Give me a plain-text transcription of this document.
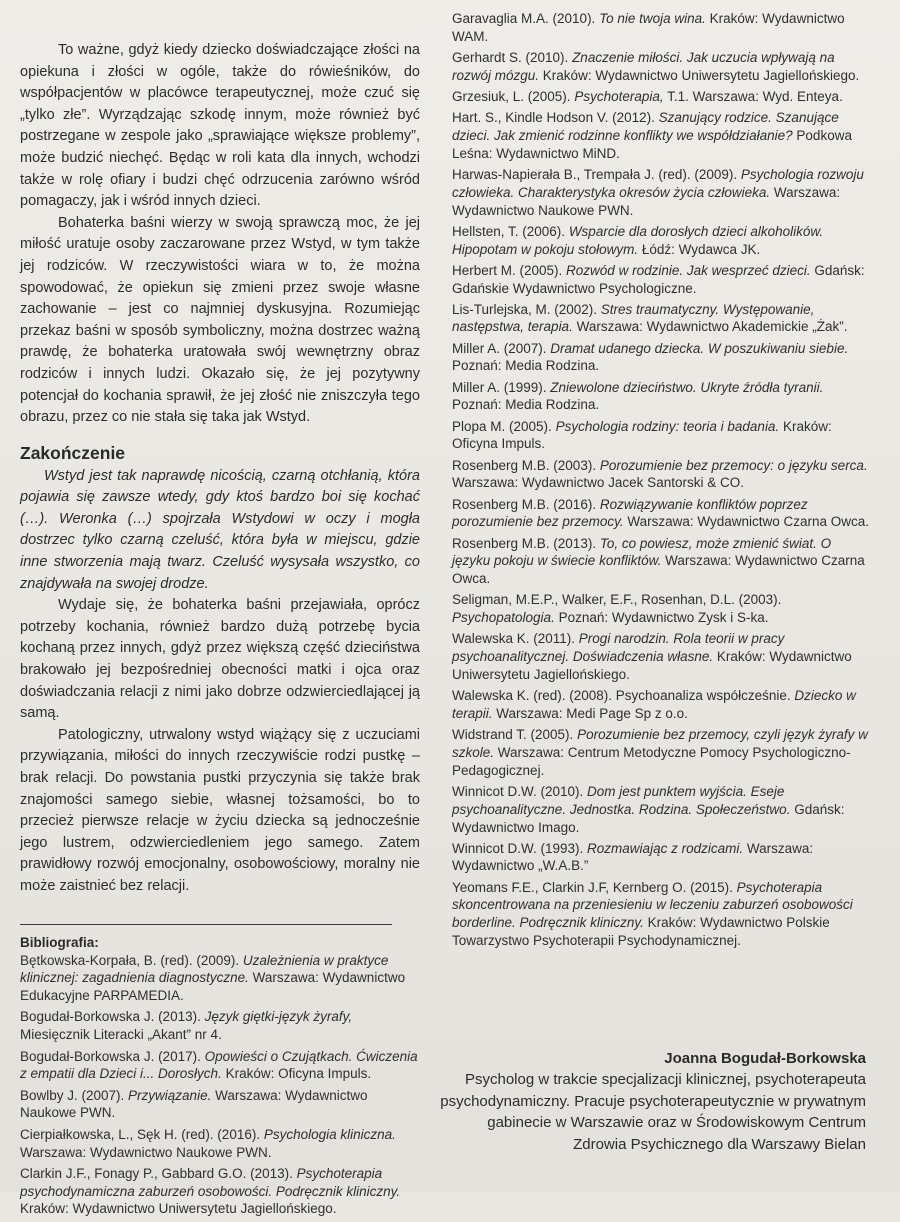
To ważne, gdyż kiedy dziecko doświadczające złości na opiekuna i złości w ogóle, także do rówieśników, do współpacjentów w placówce terapeutycznej, może czuć się „tylko złe”. Wyrządzając szkodę innym, może również być postrzegane w zespole jako „sprawiające większe problemy”, może budzić niechęć. Będąc w roli kata dla innych, wchodzi także w rolę ofiary i budzi chęć odrzucenia zarówno wśród pomagaczy, jak i wśród innych dzieci.

Bohaterka baśni wierzy w swoją sprawczą moc, że jej miłość uratuje osoby zaczarowane przez Wstyd, w tym także jej rodziców. W rzeczywistości wiara w to, że można spowodować, że opiekun się zmieni przez swoje własne zachowanie – jest co najmniej dyskusyjna. Rozumiejąc przekaz baśni w sposób symboliczny, można dostrzec ważną prawdę, że bohaterka uratowała swój wewnętrzny obraz rodziców i innych ludzi. Okazało się, że jej pozytywny potencjał do kochania sprawił, że jej złość nie zniszczyła tego obrazu, przez co nie stała się taka jak Wstyd.

Zakończenie

Wstyd jest tak naprawdę nicością, czarną otchłanią, która pojawia się zawsze wtedy, gdy ktoś bardzo boi się kochać (…). Weronka (…) spojrzała Wstydowi w oczy i mogła dostrzec tylko czarną czeluść, która była w miejscu, gdzie inne stworzenia mają twarz. Czeluść wysysała wszystko, co znajdywała na swojej drodze.

Wydaje się, że bohaterka baśni przejawiała, oprócz potrzeby kochania, również bardzo dużą potrzebę bycia kochaną przez innych, gdyż przez większą część dzieciństwa brakowało jej bezpośredniej obecności matki i ojca oraz doświadczania relacji z nimi jako dobrze odzwierciedlającej ją samą.

Patologiczny, utrwalony wstyd wiążący się z uczuciami przywiązania, miłości do innych rzeczywiście rodzi pustkę – brak relacji. Do powstania pustki przyczynia się także brak znajomości samego siebie, własnej tożsamości, bo to przecież pierwsze relacje w życiu dziecka są jednocześnie jego lustrem, odzwierciedleniem jego samego. Zatem prawidłowy rozwój emocjonalny, osobowościowy, moralny nie może zaistnieć bez relacji.

Bibliografia:
Bętkowska-Korpała, B. (red). (2009). Uzależnienia w praktyce klinicznej: zagadnienia diagnostyczne. Warszawa: Wydawnictwo Edukacyjne PARPAMEDIA.
Bogudał-Borkowska J. (2013). Język giętki-język żyrafy, Miesięcznik Literacki „Akant” nr 4.
Bogudał-Borkowska J. (2017). Opowieści o Czujątkach. Ćwiczenia z empatii dla Dzieci i... Dorosłych. Kraków: Oficyna Impuls.
Bowlby J. (2007). Przywiązanie. Warszawa: Wydawnictwo Naukowe PWN.
Cierpiałkowska, L., Sęk H. (red). (2016). Psychologia kliniczna. Warszawa: Wydawnictwo Naukowe PWN.
Clarkin J.F., Fonagy P., Gabbard G.O. (2013). Psychoterapia psychodynamiczna zaburzeń osobowości. Podręcznik kliniczny. Kraków: Wydawnictwo Uniwersytetu Jagiellońskiego.
Garavaglia M.A. (2010). To nie twoja wina. Kraków: Wydawnictwo WAM.
Gerhardt S. (2010). Znaczenie miłości. Jak uczucia wpływają na rozwój mózgu. Kraków: Wydawnictwo Uniwersytetu Jagiellońskiego.
Grzesiuk, L. (2005). Psychoterapia, T.1. Warszawa: Wyd. Enteya.
Hart. S., Kindle Hodson V. (2012). Szanujący rodzice. Szanujące dzieci. Jak zmienić rodzinne konflikty we współdziałanie? Podkowa Leśna: Wydawnictwo MiND.
Harwas-Napierała B., Trempała J. (red). (2009). Psychologia rozwoju człowieka. Charakterystyka okresów życia człowieka. Warszawa: Wydawnictwo Naukowe PWN.
Hellsten, T. (2006). Wsparcie dla dorosłych dzieci alkoholików. Hipopotam w pokoju stołowym. Łódź: Wydawca JK.
Herbert M. (2005). Rozwód w rodzinie. Jak wesprzeć dzieci. Gdańsk: Gdańskie Wydawnictwo Psychologiczne.
Lis-Turlejska, M. (2002). Stres traumatyczny. Występowanie, następstwa, terapia. Warszawa: Wydawnictwo Akademickie „Żak”.
Miller A. (2007). Dramat udanego dziecka. W poszukiwaniu siebie. Poznań: Media Rodzina.
Miller A. (1999). Zniewolone dzieciństwo. Ukryte źródła tyranii. Poznań: Media Rodzina.
Plopa M. (2005). Psychologia rodziny: teoria i badania. Kraków: Oficyna Impuls.
Rosenberg M.B. (2003). Porozumienie bez przemocy: o języku serca. Warszawa: Wydawnictwo Jacek Santorski & CO.
Rosenberg M.B. (2016). Rozwiązywanie konfliktów poprzez porozumienie bez przemocy. Warszawa: Wydawnictwo Czarna Owca.
Rosenberg M.B. (2013). To, co powiesz, może zmienić świat. O języku pokoju w świecie konfliktów. Warszawa: Wydawnictwo Czarna Owca.
Seligman, M.E.P., Walker, E.F., Rosenhan, D.L. (2003). Psychopatologia. Poznań: Wydawnictwo Zysk i S-ka.
Walewska K. (2011). Progi narodzin. Rola teorii w pracy psychoanalitycznej. Doświadczenia własne. Kraków: Wydawnictwo Uniwersytetu Jagiellońskiego.
Walewska K. (red). (2008). Psychoanaliza współcześnie. Dziecko w terapii. Warszawa: Medi Page Sp z o.o.
Widstrand T. (2005). Porozumienie bez przemocy, czyli język żyrafy w szkole. Warszawa: Centrum Metodyczne Pomocy Psychologiczno-Pedagogicznej.
Winnicot D.W. (2010). Dom jest punktem wyjścia. Eseje psychoanalityczne. Jednostka. Rodzina. Społeczeństwo. Gdańsk: Wydawnictwo Imago.
Winnicot D.W. (1993). Rozmawiając z rodzicami. Warszawa: Wydawnictwo „W.A.B.”
Yeomans F.E., Clarkin J.F, Kernberg O. (2015). Psychoterapia skoncentrowana na przeniesieniu w leczeniu zaburzeń osobowości borderline. Podręcznik kliniczny. Kraków: Wydawnictwo Polskie Towarzystwo Psychoterapii Psychodynamicznej.
Joanna Bogudał-Borkowska
Psycholog w trakcie specjalizacji klinicznej, psychoterapeuta psychodynamiczny. Pracuje psychoterapeutycznie w prywatnym gabinecie w Warszawie oraz w Środowiskowym Centrum Zdrowia Psychicznego dla Warszawy Bielan
